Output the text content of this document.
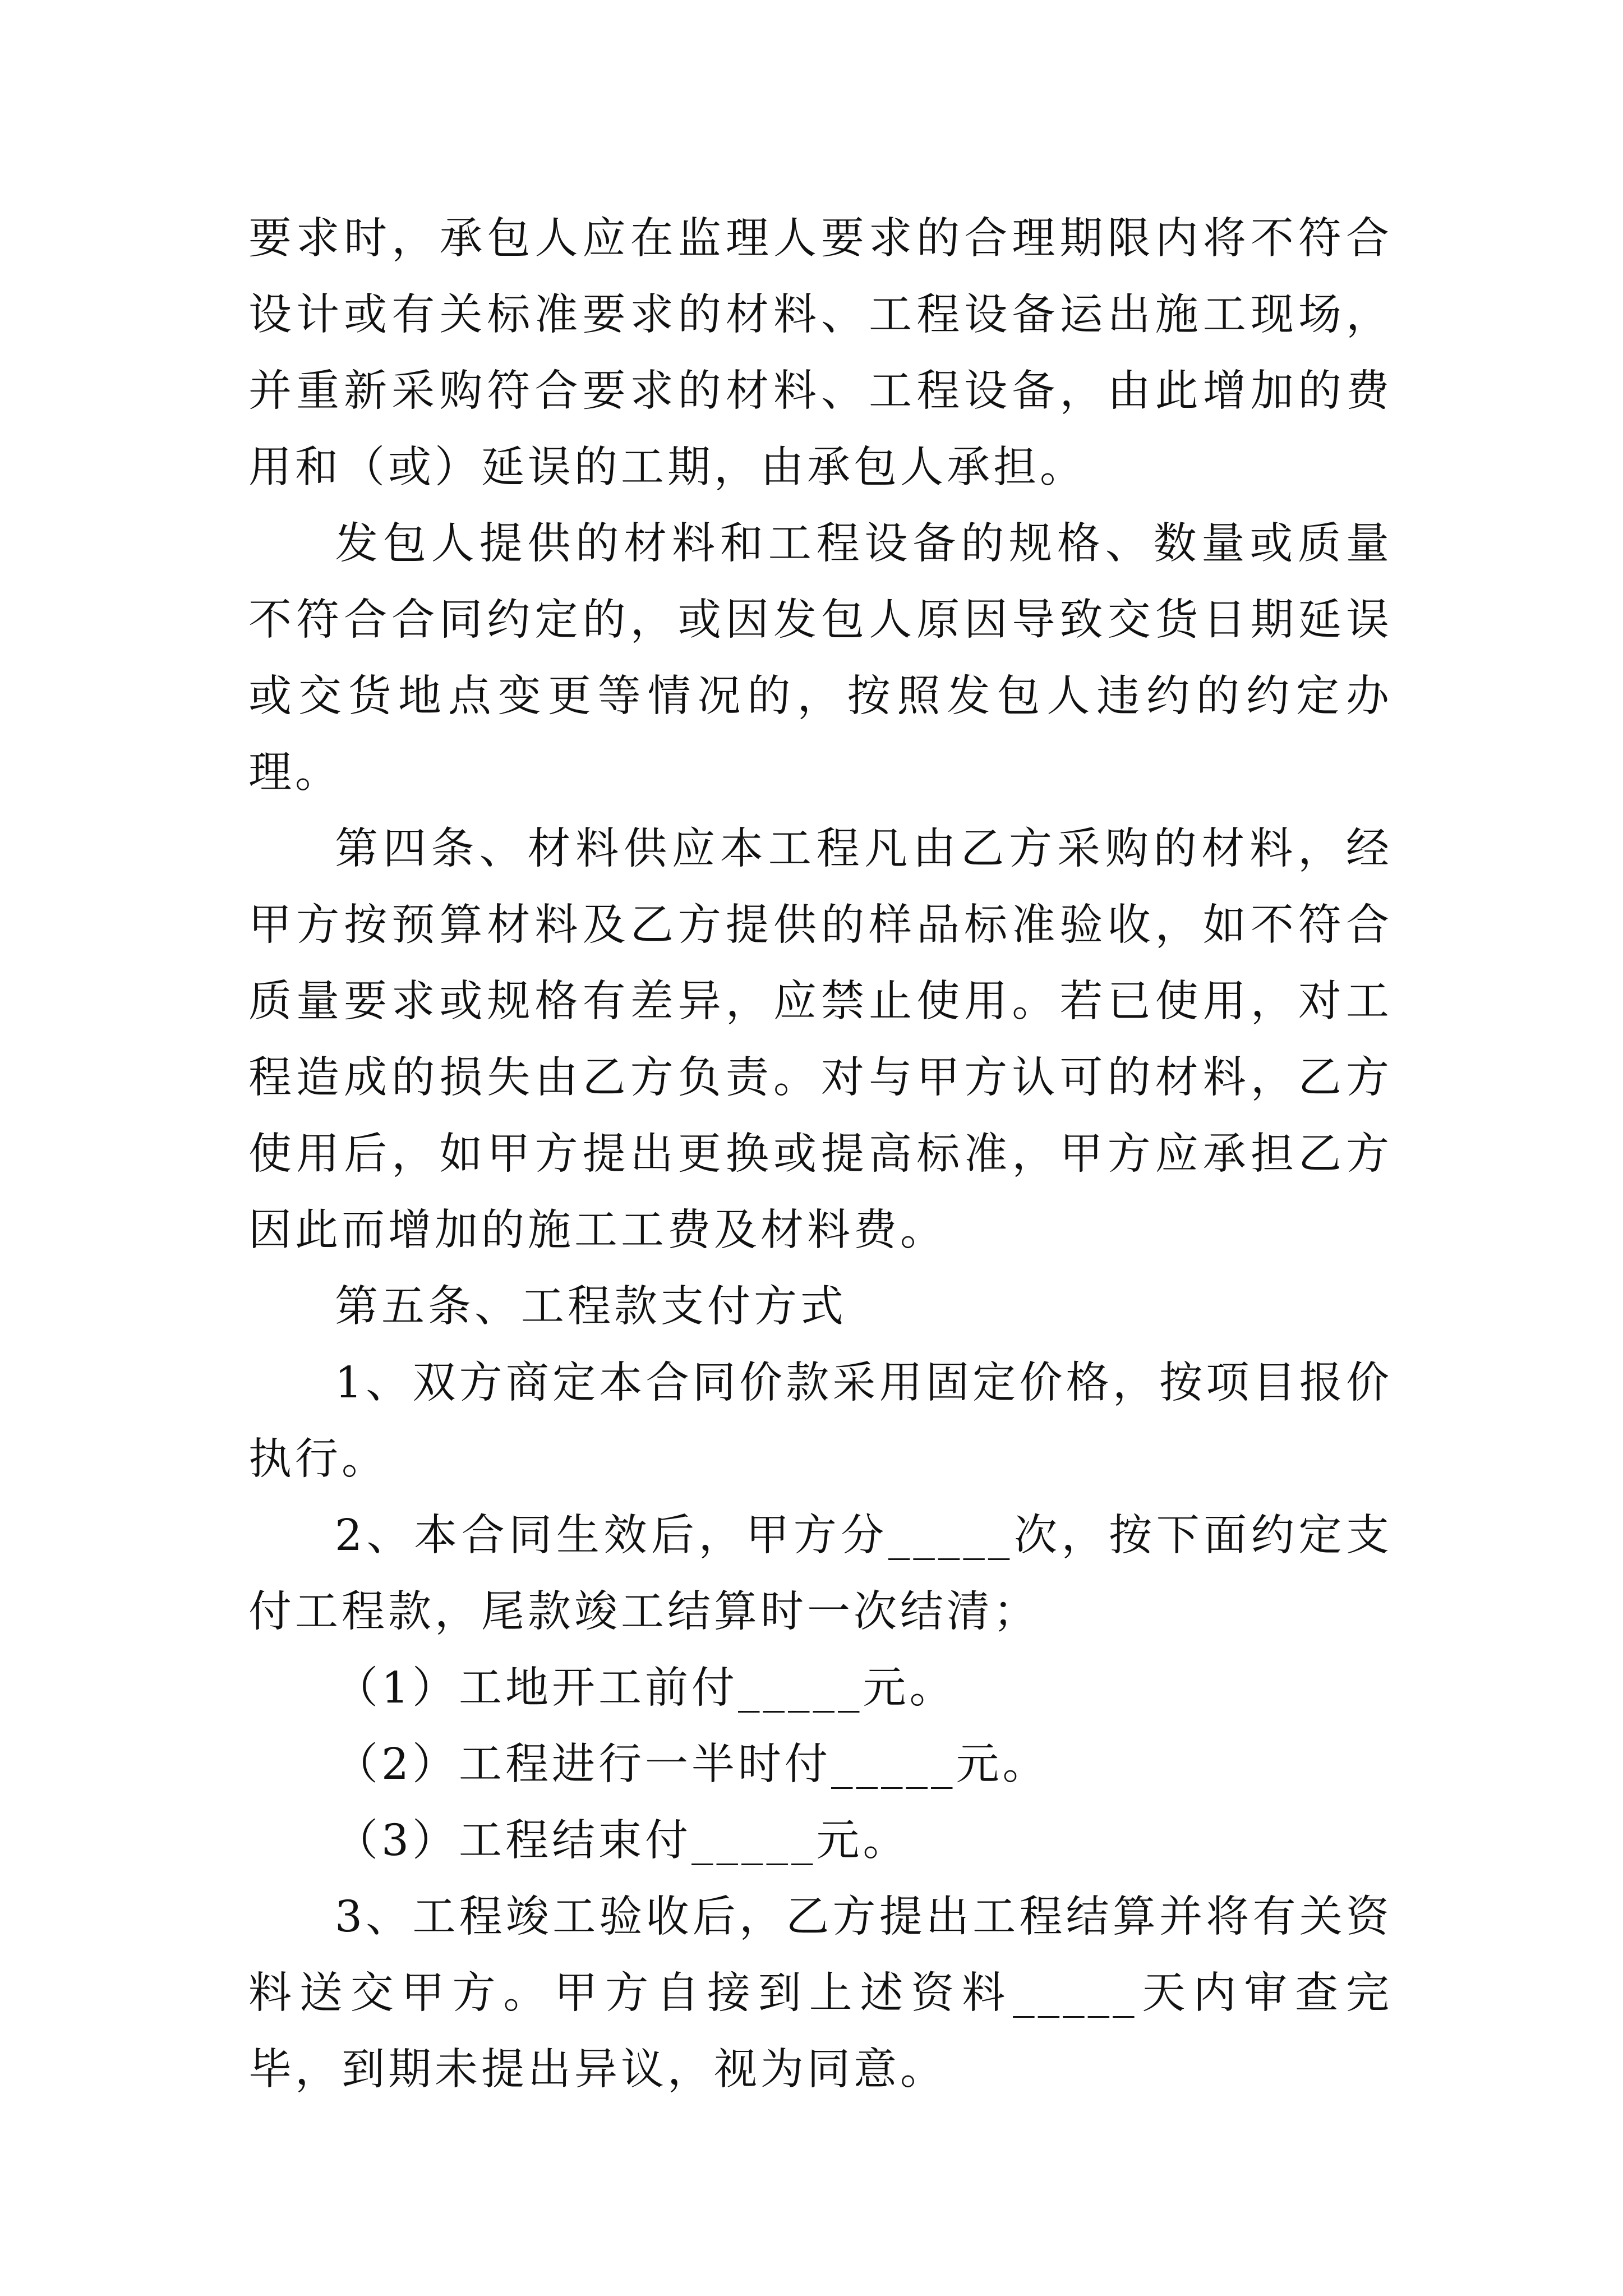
要求时，承包人应在监理人要求的合理期限内将不符合设计或有关标准要求的材料、工程设备运出施工现场，并重新采购符合要求的材料、工程设备，由此增加的费用和（或）延误的工期，由承包人承担。

发包人提供的材料和工程设备的规格、数量或质量不符合合同约定的，或因发包人原因导致交货日期延误或交货地点变更等情况的，按照发包人违约的约定办理。

第四条、材料供应本工程凡由乙方采购的材料，经甲方按预算材料及乙方提供的样品标准验收，如不符合质量要求或规格有差异，应禁止使用。若已使用，对工程造成的损失由乙方负责。对与甲方认可的材料，乙方使用后，如甲方提出更换或提高标准，甲方应承担乙方因此而增加的施工工费及材料费。

第五条、工程款支付方式

1、双方商定本合同价款采用固定价格，按项目报价执行。

2、本合同生效后，甲方分_____次，按下面约定支付工程款，尾款竣工结算时一次结清；

（1）工地开工前付_____元。

（2）工程进行一半时付_____元。

（3）工程结束付_____元。

3、工程竣工验收后，乙方提出工程结算并将有关资料送交甲方。甲方自接到上述资料_____天内审查完毕，到期未提出异议，视为同意。
